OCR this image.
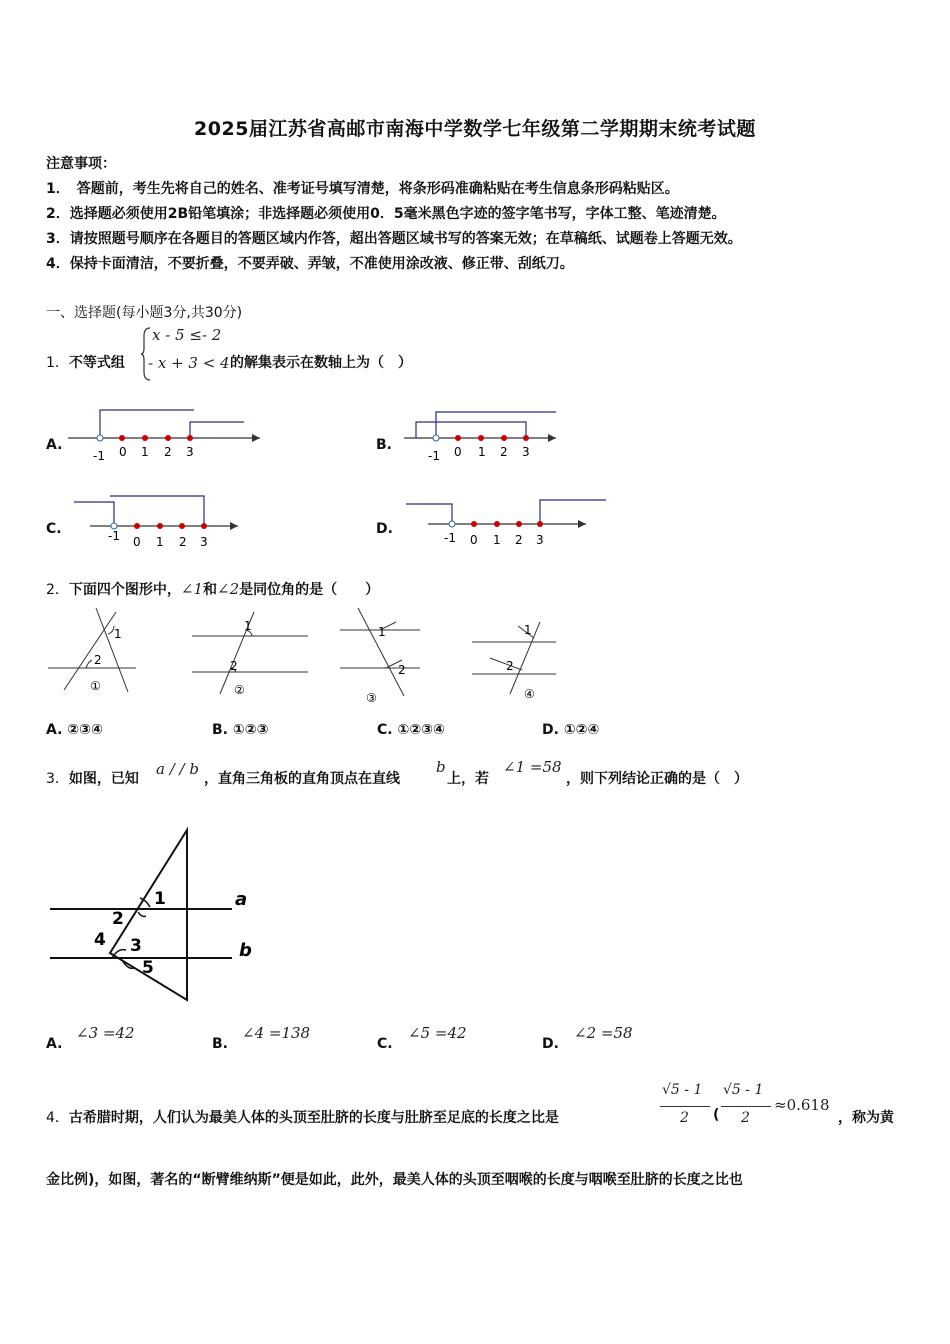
2025届江苏省高邮市南海中学数学七年级第二学期期末统考试题
注意事项：
1．　答题前，考生先将自己的姓名、准考证号填写清楚，将条形码准确粘贴在考生信息条形码粘贴区。
2．选择题必须使用2B铅笔填涂；非选择题必须使用0．5毫米黑色字迹的签字笔书写，字体工整、笔迹清楚。
3．请按照题号顺序在各题目的答题区域内作答，超出答题区域书写的答案无效；在草稿纸、试题卷上答题无效。
4．保持卡面清洁，不要折叠，不要弄破、弄皱，不准使用涂改液、修正带、刮纸刀。
一、选择题(每小题3分,共30分)
1．不等式组
x - 5 ≤- 2
- x + 3 < 4 的解集表示在数轴上为（　）
A.	B.
C.	D.
-1 0 1 2 3	-1 0 1 2 3
-1 0 1 2 3	-1 0 1 2 3
2．下面四个图形中，∠1和∠2是同位角的是（　　）
1
2
①
1
2
②
1
2
③
1
2
④
A. ②③④	B. ①②③	C. ①②③④	D. ①②④
3．如图，已知
a / / b
，直角三角板的直角顶点在直线
b
上，若
∠1 =58
，则下列结论正确的是（　）
1
2
3
4
5
a
b
A.
∠3 =42
B.
∠4 =138
C.
∠5 =42
D.
∠2 =58
4．古希腊时期，人们认为最美人体的头顶至肚脐的长度与肚脐至足底的长度之比是
√5 - 1
2 (
√5 - 1
2
≈0.618
，称为黄
金比例)，如图，著名的“断臂维纳斯”便是如此，此外，最美人体的头顶至咽喉的长度与咽喉至肚脐的长度之比也
